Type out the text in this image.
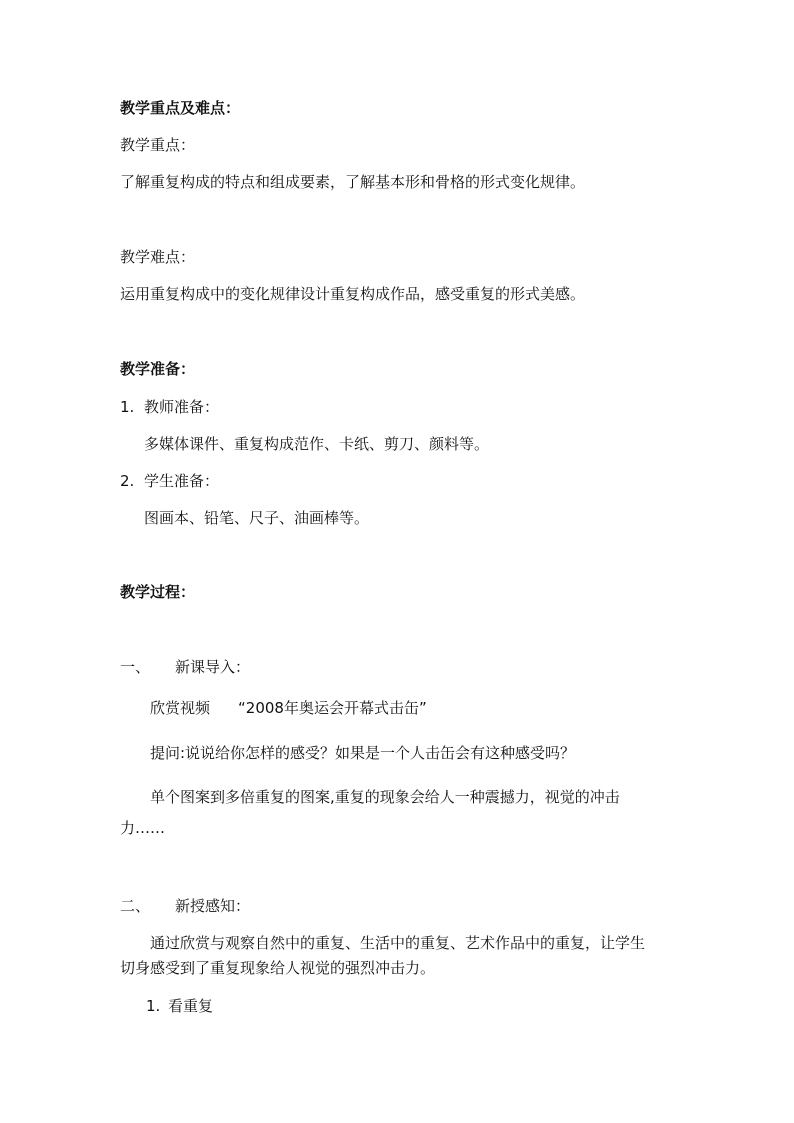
教学重点及难点：
教学重点：
了解重复构成的特点和组成要素，了解基本形和骨格的形式变化规律。
教学难点：
运用重复构成中的变化规律设计重复构成作品，感受重复的形式美感。
教学准备：
1. 教师准备：
多媒体课件、重复构成范作、卡纸、剪刀、颜料等。
2. 学生准备：
图画本、铅笔、尺子、油画棒等。
教学过程：
一、 新课导入：
欣赏视频 “2008年奥运会开幕式击缶”
提问:说说给你怎样的感受？如果是一个人击缶会有这种感受吗？
单个图案到多倍重复的图案,重复的现象会给人一种震撼力，视觉的冲击
力……
二、 新授感知：
通过欣赏与观察自然中的重复、生活中的重复、艺术作品中的重复，让学生
切身感受到了重复现象给人视觉的强烈冲击力。
1. 看重复
